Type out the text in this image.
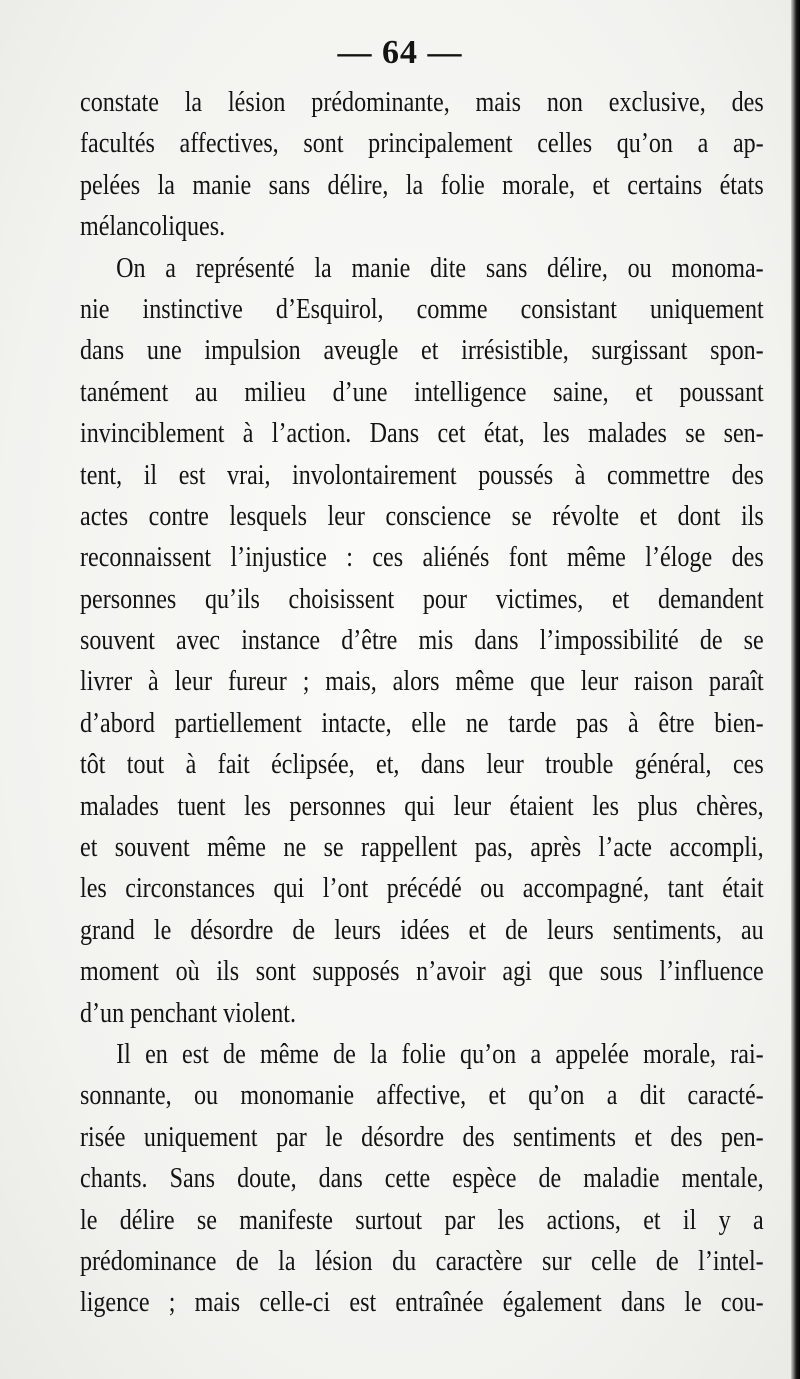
— 64 —
constate la lésion prédominante, mais non exclusive, des
facultés affectives, sont principalement celles qu’on a ap-
pelées la manie sans délire, la folie morale, et certains états
mélancoliques.
On a représenté la manie dite sans délire, ou monoma-
nie instinctive d’Esquirol, comme consistant uniquement
dans une impulsion aveugle et irrésistible, surgissant spon-
tanément au milieu d’une intelligence saine, et poussant
invinciblement à l’action. Dans cet état, les malades se sen-
tent, il est vrai, involontairement poussés à commettre des
actes contre lesquels leur conscience se révolte et dont ils
reconnaissent l’injustice : ces aliénés font même l’éloge des
personnes qu’ils choisissent pour victimes, et demandent
souvent avec instance d’être mis dans l’impossibilité de se
livrer à leur fureur ; mais, alors même que leur raison paraît
d’abord partiellement intacte, elle ne tarde pas à être bien-
tôt tout à fait éclipsée, et, dans leur trouble général, ces
malades tuent les personnes qui leur étaient les plus chères,
et souvent même ne se rappellent pas, après l’acte accompli,
les circonstances qui l’ont précédé ou accompagné, tant était
grand le désordre de leurs idées et de leurs sentiments, au
moment où ils sont supposés n’avoir agi que sous l’influence
d’un penchant violent.
Il en est de même de la folie qu’on a appelée morale, rai-
sonnante, ou monomanie affective, et qu’on a dit caracté-
risée uniquement par le désordre des sentiments et des pen-
chants. Sans doute, dans cette espèce de maladie mentale,
le délire se manifeste surtout par les actions, et il y a
prédominance de la lésion du caractère sur celle de l’intel-
ligence ; mais celle-ci est entraînée également dans le cou-
